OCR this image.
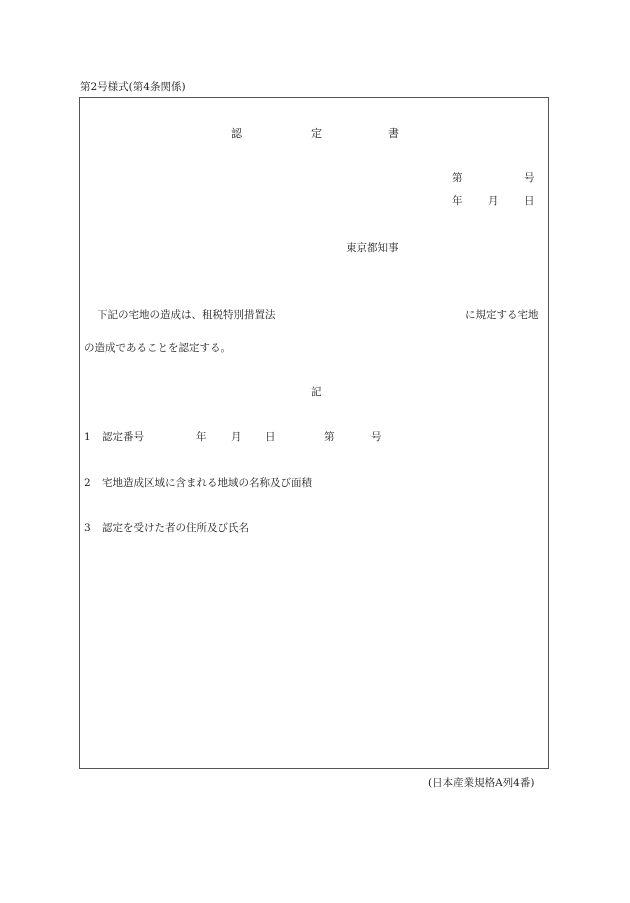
第2号様式(第4条関係)
認	定	書
第	号
年 月 日
東京都知事
下記の宅地の造成は、租税特別措置法	に規定する宅地
の造成であることを認定する。
記
1 認定番号	年 月 日	第	号
2 宅地造成区域に含まれる地域の名称及び面積
3 認定を受けた者の住所及び氏名
(日本産業規格A列4番)
